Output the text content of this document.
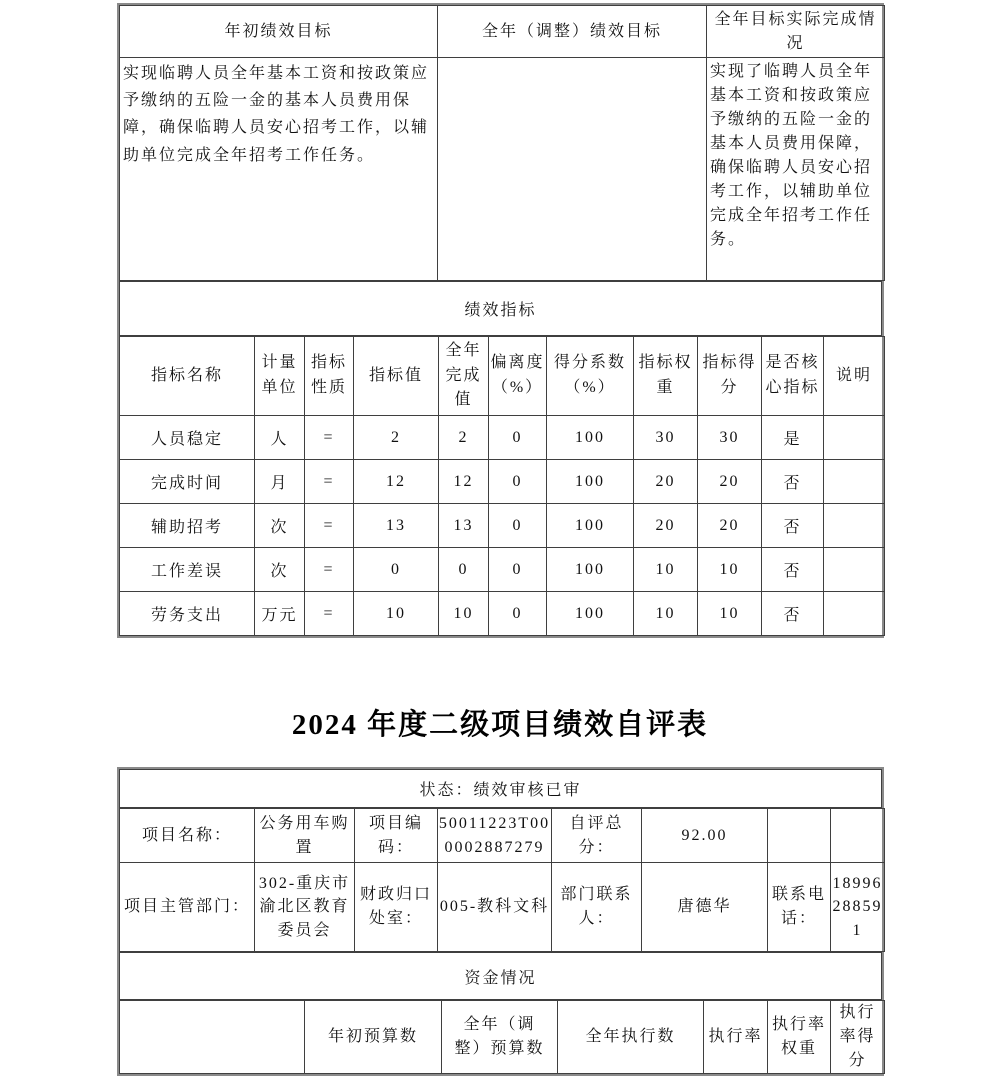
年初绩效目标	全年（调整）绩效目标	全年目标实际完成情况

实现临聘人员全年基本工资和按政策应予缴纳的五险一金的基本人员费用保障，确保临聘人员安心招考工作，以辅助单位完成全年招考工作任务。		实现了临聘人员全年基本工资和按政策应予缴纳的五险一金的基本人员费用保障，确保临聘人员安心招考工作，以辅助单位完成全年招考工作任务。
绩效指标
指标名称	计量单位	指标性质	指标值	全年完成值	偏离度（%）	得分系数（%）	指标权重	指标得分	是否核心指标	说明
人员稳定	人	=	2	2	0	100	30	30	是	
完成时间	月	=	12	12	0	100	20	20	否	
辅助招考	次	=	13	13	0	100	20	20	否	
工作差误	次	=	0	0	0	100	10	10	否	
劳务支出	万元	=	10	10	0	100	10	10	否	
2024 年度二级项目绩效自评表
状态：绩效审核已审
项目名称：	公务用车购置	项目编码：	50011223T000002887279	自评总分：	92.00		
项目主管部门：	302-重庆市渝北区教育委员会	财政归口处室：	005-教科文科	部门联系人：	唐德华	联系电话：	18996288591
资金情况
	年初预算数	全年（调整）预算数	全年执行数	执行率	执行率权重	执行率得分
